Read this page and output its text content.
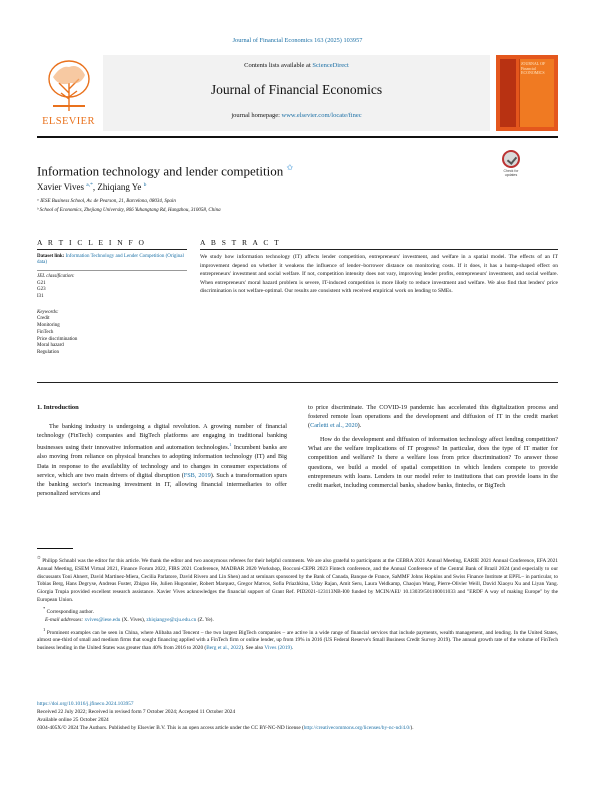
Journal of Financial Economics 163 (2025) 103957
ELSEVIER
Contents lists available at ScienceDirect
Journal of Financial Economics
journal homepage: www.elsevier.com/locate/finec
JOURNAL OF Financial ECONOMICS
Information technology and lender competition ✩	Check for updates
Xavier Vives $^{a,*}$, Zhiqiang Ye $^b$
ᵃ IESE Business School, Av. de Pearson, 21, Barcelona, 08034, Spain
ᵇ School of Economics, Zhejiang University, 866 Yuhangtang Rd, Hangzhou, 310058, China
A R T I C L E I N F O	A B S T R A C T
Dataset link: Information Technology and Lender Competition (Original data)
JEL classification:
G21
G23
I31
Keywords:
Credit
Monitoring
FinTech
Price discrimination
Moral hazard
Regulation
We study how information technology (IT) affects lender competition, entrepreneurs' investment, and welfare in a spatial model. The effects of an IT improvement depend on whether it weakens the influence of lender–borrower distance on monitoring costs. If it does, it has a hump-shaped effect on entrepreneurs' investment and social welfare. If not, competition intensity does not vary, improving lender profits, entrepreneurs' investment, and social welfare. When entrepreneurs' moral hazard problem is severe, IT-induced competition is more likely to reduce investment and welfare. We also find that lenders' price discrimination is not welfare-optimal. Our results are consistent with received empirical work on lending to SMEs.

1. Introduction

The banking industry is undergoing a digital revolution. A growing number of financial technology (FinTech) companies and BigTech platforms are engaging in traditional banking businesses using their innovative information and automation technologies.$^1$ Incumbent banks are also moving from reliance on physical branches to adopting information technology (IT) and Big Data in response to the availability of technology and to changes in consumer expectations of service, which are two main drivers of digital disruption (FSB, 2019). Such a transformation spurs the banking sector's increasing investment in IT, allowing financial intermediaries to offer personalized services and

to price discriminate. The COVID-19 pandemic has accelerated this digitalization process and fostered remote loan operations and the development and diffusion of IT in the credit market (Carletti et al., 2020).

How do the development and diffusion of information technology affect lending competition? What are the welfare implications of IT progress? In particular, does the type of IT matter for competition and welfare? Is there a welfare loss from price discrimination? To answer those questions, we build a model of spatial competition in which lenders compete to provide entrepreneurs with loans. Lenders in our model refer to institutions that can provide loans in the credit market, including commercial banks, shadow banks, fintechs, or BigTech

✩ Philipp Schnabl was the editor for this article. We thank the editor and two anonymous referees for their helpful comments. We are also grateful to participants at the CEBRA 2021 Annual Meeting, EARIE 2021 Annual Conference, EFA 2021 Annual Meeting, ESEM Virtual 2021, Finance Forum 2022, FIRS 2021 Conference, MADBAR 2020 Workshop, Bocconi-CEPR 2023 Fintech conference, and the Annual Conference of the Central Bank of Brazil 2024 (and especially to our discussants Toni Ahnert, David Martinez-Miera, Cecilia Parlatore, David Rivero and Lin Shen) and at seminars sponsored by the Bank of Canada, Banque de France, SaMMF Johns Hopkins and Swiss Finance Institute at EPFL– in particular, to Tobias Berg, Hans Degryse, Andreas Fuster, Zhiguo He, Julien Hugonnier, Robert Marquez, Gregor Matvos, Sofia Priazhkina, Uday Rajan, Amit Seru, Laura Veldkamp, Chaojun Wang, Pierre-Olivier Weill, David Xiaoyu Xu and Liyan Yang. Giorgia Trupia provided excellent research assistance. Xavier Vives acknowledges the financial support of Grant Ref. PID2021-123113NB-I00 funded by MCIN/AEI/ 10.13039/501100011033 and "ERDF A way of making Europe" by the European Union.

* Corresponding author.

E-mail addresses: xvives@iese.edu (X. Vives), zhiqiangye@zju.edu.cn (Z. Ye).

$^1$ Prominent examples can be seen in China, where Alibaba and Tencent – the two largest BigTech companies – are active in a wide range of financial services that include payments, wealth management, and lending. In the United States, almost one-third of small and medium firms that sought financing applied with a FinTech firm or online lender, up from 19% in 2016 (US Federal Reserve's Small Business Credit Survey 2019). The annual growth rate of the volume of FinTech business lending in the United States was greater than 40% from 2016 to 2020 (Berg et al., 2022). See also Vives (2019).

https://doi.org/10.1016/j.jfineco.2024.103957
Received 22 July 2022; Received in revised form 7 October 2024; Accepted 11 October 2024
Available online 25 October 2024
0304-405X/© 2024 The Authors. Published by Elsevier B.V. This is an open access article under the CC BY-NC-ND license (http://creativecommons.org/licenses/by-nc-nd/4.0/).
